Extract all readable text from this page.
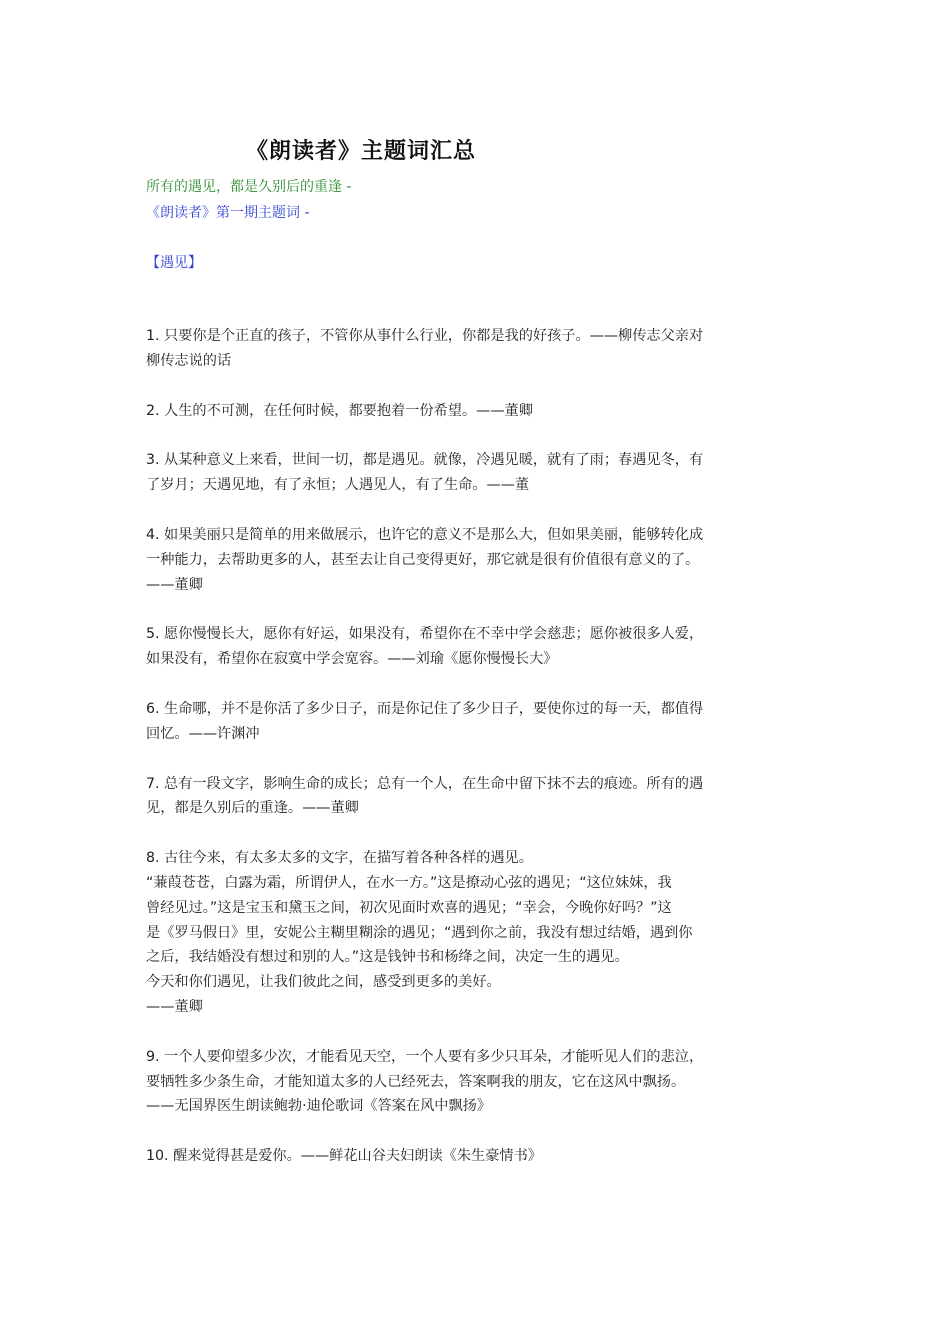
《朗读者》主题词汇总
所有的遇见，都是久别后的重逢 -
《朗读者》第一期主题词 -
【遇见】
1. 只要你是个正直的孩子，不管你从事什么行业，你都是我的好孩子。——柳传志父亲对
柳传志说的话
2. 人生的不可测，在任何时候，都要抱着一份希望。——董卿
3. 从某种意义上来看，世间一切，都是遇见。就像，冷遇见暖，就有了雨；春遇见冬，有
了岁月；天遇见地，有了永恒；人遇见人，有了生命。——董
4. 如果美丽只是简单的用来做展示，也许它的意义不是那么大，但如果美丽，能够转化成
一种能力，去帮助更多的人，甚至去让自己变得更好，那它就是很有价值很有意义的了。
——董卿
5. 愿你慢慢长大，愿你有好运，如果没有，希望你在不幸中学会慈悲；愿你被很多人爱，
如果没有，希望你在寂寞中学会宽容。——刘瑜《愿你慢慢长大》
6. 生命哪，并不是你活了多少日子，而是你记住了多少日子，要使你过的每一天，都值得
回忆。——许渊冲
7. 总有一段文字，影响生命的成长；总有一个人，在生命中留下抹不去的痕迹。所有的遇
见，都是久别后的重逢。——董卿
8. 古往今来，有太多太多的文字，在描写着各种各样的遇见。
“蒹葭苍苍，白露为霜，所谓伊人，在水一方。”这是撩动心弦的遇见；“这位妹妹，我
曾经见过。”这是宝玉和黛玉之间，初次见面时欢喜的遇见；“幸会，今晚你好吗？”这
是《罗马假日》里，安妮公主糊里糊涂的遇见；“遇到你之前，我没有想过结婚，遇到你
之后，我结婚没有想过和别的人。”这是钱钟书和杨绛之间，决定一生的遇见。
今天和你们遇见，让我们彼此之间，感受到更多的美好。
——董卿
9. 一个人要仰望多少次，才能看见天空，一个人要有多少只耳朵，才能听见人们的悲泣，
要牺牲多少条生命，才能知道太多的人已经死去，答案啊我的朋友，它在这风中飘扬。
——无国界医生朗读鲍勃·迪伦歌词《答案在风中飘扬》
10. 醒来觉得甚是爱你。——鲜花山谷夫妇朗读《朱生豪情书》
